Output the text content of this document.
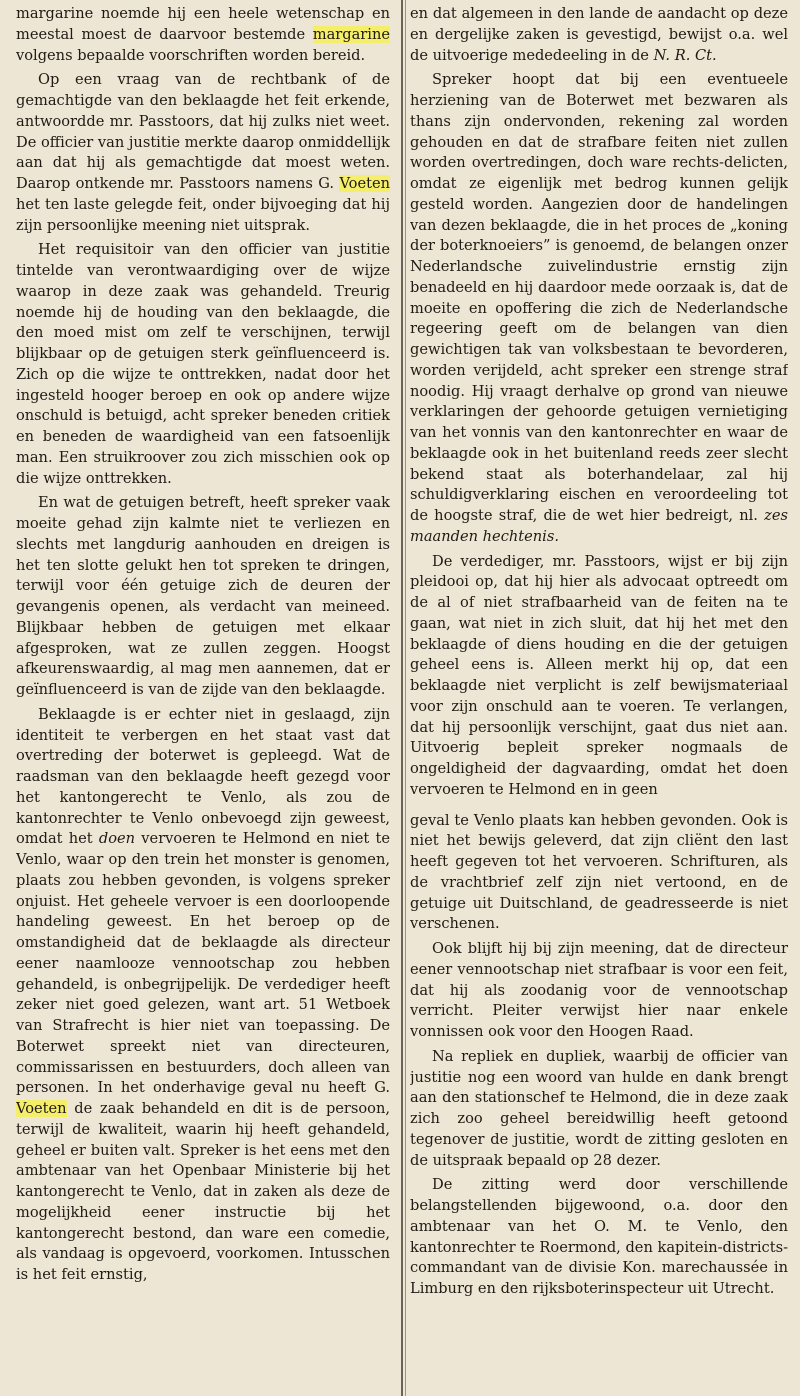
margarine noemde hij een heele wetenschap en meestal moest de daarvoor bestemde margarine volgens bepaalde voorschriften worden bereid.

Op een vraag van de rechtbank of de gemachtigde van den beklaagde het feit erkende, antwoordde mr. Passtoors, dat hij zulks niet weet. De officier van justitie merkte daarop onmiddellijk aan dat hij als gemachtigde dat moest weten. Daarop ontkende mr. Passtoors namens G. Voeten het ten laste gelegde feit, onder bijvoeging dat hij zijn persoonlijke meening niet uitsprak.

Het requisitoir van den officier van justitie tintelde van verontwaardiging over de wijze waarop in deze zaak was gehandeld. Treurig noemde hij de houding van den beklaagde, die den moed mist om zelf te verschijnen, terwijl blijkbaar op de getuigen sterk geïnfluenceerd is. Zich op die wijze te onttrekken, nadat door het ingesteld hooger beroep en ook op andere wijze onschuld is betuigd, acht spreker beneden critiek en beneden de waardigheid van een fatsoenlijk man. Een struikroover zou zich misschien ook op die wijze onttrekken.

En wat de getuigen betreft, heeft spreker vaak moeite gehad zijn kalmte niet te verliezen en slechts met langdurig aanhouden en dreigen is het ten slotte gelukt hen tot spreken te dringen, terwijl voor één getuige zich de deuren der gevangenis openen, als verdacht van meineed. Blijkbaar hebben de getuigen met elkaar afgesproken, wat ze zullen zeggen. Hoogst afkeurenswaardig, al mag men aannemen, dat er geïnfluenceerd is van de zijde van den beklaagde.

Beklaagde is er echter niet in geslaagd, zijn identiteit te verbergen en het staat vast dat overtreding der boterwet is gepleegd. Wat de raadsman van den beklaagde heeft gezegd voor het kantongerecht te Venlo, als zou de kantonrechter te Venlo onbevoegd zijn geweest, omdat het doen vervoeren te Helmond en niet te Venlo, waar op den trein het monster is genomen, plaats zou hebben gevonden, is volgens spreker onjuist. Het geheele vervoer is een doorloopende handeling geweest. En het beroep op de omstandigheid dat de beklaagde als directeur eener naamlooze vennootschap zou hebben gehandeld, is onbegrijpelijk. De verdediger heeft zeker niet goed gelezen, want art. 51 Wetboek van Strafrecht is hier niet van toepassing. De Boterwet spreekt niet van directeuren, commissarissen en bestuurders, doch alleen van personen. In het onderhavige geval nu heeft G. Voeten de zaak behandeld en dit is de persoon, terwijl de kwaliteit, waarin hij heeft gehandeld, geheel er buiten valt. Spreker is het eens met den ambtenaar van het Openbaar Ministerie bij het kantongerecht te Venlo, dat in zaken als deze de mogelijkheid eener instructie bij het kantongerecht bestond, dan ware een comedie, als vandaag is opgevoerd, voorkomen. Intusschen is het feit ernstig,

en dat algemeen in den lande de aandacht op deze en dergelijke zaken is gevestigd, bewijst o.a. wel de uitvoerige mededeeling in de N. R. Ct.

Spreker hoopt dat bij een eventueele herziening van de Boterwet met bezwaren als thans zijn ondervonden, rekening zal worden gehouden en dat de strafbare feiten niet zullen worden overtredingen, doch ware rechts-delicten, omdat ze eigenlijk met bedrog kunnen gelijk gesteld worden. Aangezien door de handelingen van dezen beklaagde, die in het proces de „koning der boterknoeiers” is genoemd, de belangen onzer Nederlandsche zuivelindustrie ernstig zijn benadeeld en hij daardoor mede oorzaak is, dat de moeite en opoffering die zich de Nederlandsche regeering geeft om de belangen van dien gewichtigen tak van volksbestaan te bevorderen, worden verijdeld, acht spreker een strenge straf noodig. Hij vraagt derhalve op grond van nieuwe verklaringen der gehoorde getuigen vernietiging van het vonnis van den kantonrechter en waar de beklaagde ook in het buitenland reeds zeer slecht bekend staat als boterhandelaar, zal hij schuldigverklaring eischen en veroordeeling tot de hoogste straf, die de wet hier bedreigt, nl. zes maanden hechtenis.

De verdediger, mr. Passtoors, wijst er bij zijn pleidooi op, dat hij hier als advocaat optreedt om de al of niet strafbaarheid van de feiten na te gaan, wat niet in zich sluit, dat hij het met den beklaagde of diens houding en die der getuigen geheel eens is. Alleen merkt hij op, dat een beklaagde niet verplicht is zelf bewijsmateriaal voor zijn onschuld aan te voeren. Te verlangen, dat hij persoonlijk verschijnt, gaat dus niet aan. Uitvoerig bepleit spreker nogmaals de ongeldigheid der dagvaarding, omdat het doen vervoeren te Helmond en in geen

geval te Venlo plaats kan hebben gevonden. Ook is niet het bewijs geleverd, dat zijn cliënt den last heeft gegeven tot het vervoeren. Schrifturen, als de vrachtbrief zelf zijn niet vertoond, en de getuige uit Duitschland, de geadresseerde is niet verschenen.

Ook blijft hij bij zijn meening, dat de directeur eener vennootschap niet strafbaar is voor een feit, dat hij als zoodanig voor de vennootschap verricht. Pleiter verwijst hier naar enkele vonnissen ook voor den Hoogen Raad.

Na repliek en dupliek, waarbij de officier van justitie nog een woord van hulde en dank brengt aan den stationschef te Helmond, die in deze zaak zich zoo geheel bereidwillig heeft getoond tegenover de justitie, wordt de zitting gesloten en de uitspraak bepaald op 28 dezer.

De zitting werd door verschillende belangstellenden bijgewoond, o.a. door den ambtenaar van het O. M. te Venlo, den kantonrechter te Roermond, den kapitein-districts-commandant van de divisie Kon. marechaussée in Limburg en den rijksboterinspecteur uit Utrecht.
